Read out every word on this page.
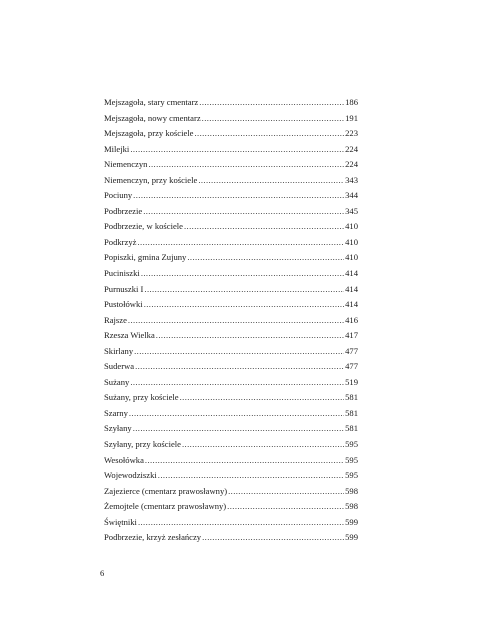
Mejszagoła, stary cmentarz .....	186
Mejszagoła, nowy cmentarz .....	191
Mejszagoła, przy kościele .....	223
Milejki .....	224
Niemenczyn .....	224
Niemenczyn, przy kościele .....	343
Pociuny .....	344
Podbrzezie .....	345
Podbrzezie, w kościele .....	410
Podkrzyż .....	410
Popiszki, gmina Zujuny .....	410
Puciniszki .....	414
Purnuszki I .....	414
Pustołówki .....	414
Rajsze .....	416
Rzesza Wielka .....	417
Skirlany .....	477
Suderwa .....	477
Sużany .....	519
Sużany, przy kościele .....	581
Szarny .....	581
Szyłany .....	581
Szyłany, przy kościele .....	595
Wesołówka .....	595
Wojewodziszki .....	595
Zajezierce (cmentarz prawosławny) .....	598
Żemojtele (cmentarz prawosławny) .....	598
Świętniki .....	599
Podbrzezie, krzyż zesłańczy .....	599
6
